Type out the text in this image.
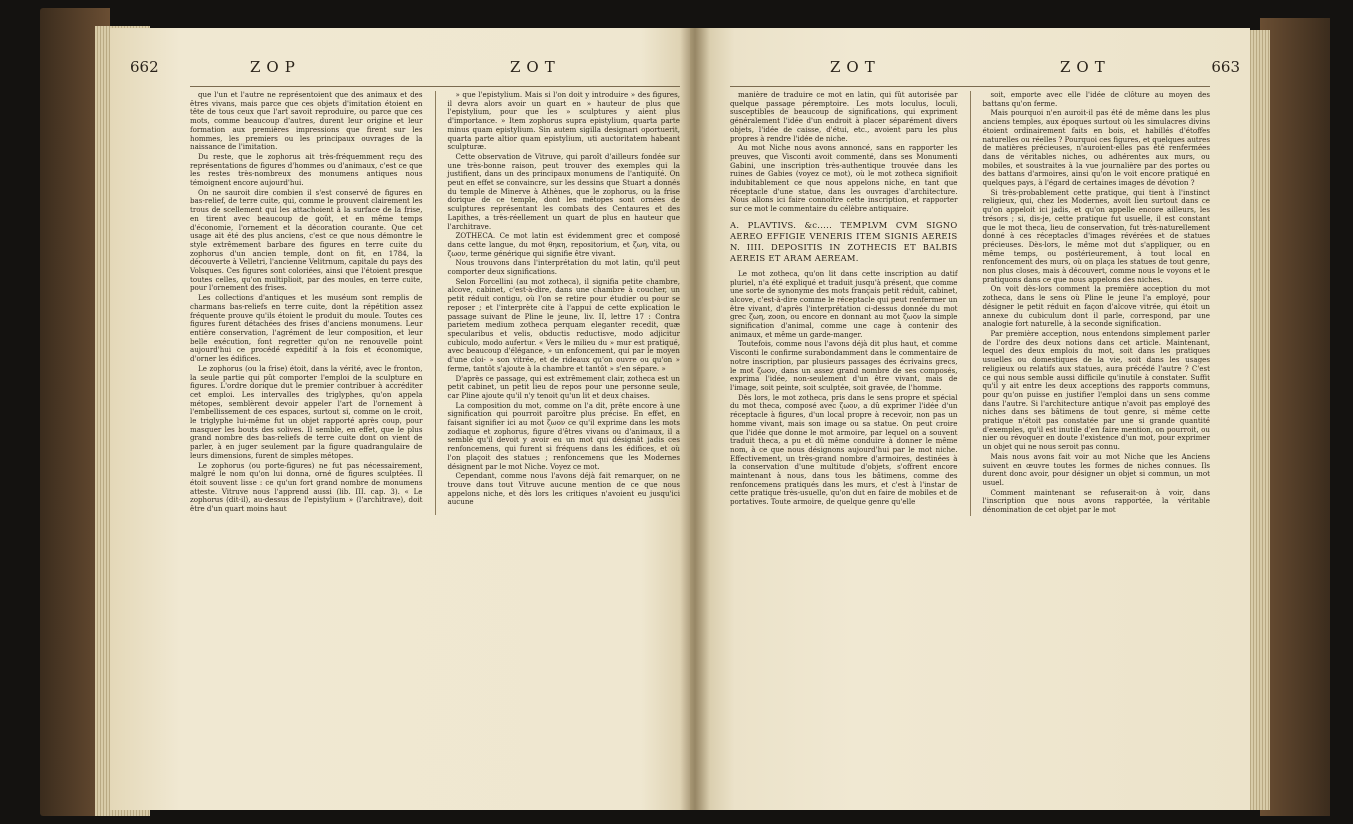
662	ZOP	ZOT

que l'un et l'autre ne représentoient que des animaux et des êtres vivans, mais parce que ces objets d'imitation étoient en tête de tous ceux que l'art savoit reproduire, ou parce que ces mots, comme beaucoup d'autres, durent leur origine et leur formation aux premières impressions que firent sur les hommes, les premiers ou les principaux ouvrages de la naissance de l'imitation.

Du reste, que le zophorus ait très-fréquemment reçu des représentations de figures d'hommes ou d'animaux, c'est ce que les restes très-nombreux des monumens antiques nous témoignent encore aujourd'hui.

On ne sauroit dire combien il s'est conservé de figures en bas-relief, de terre cuite, qui, comme le prouvent clairement les trous de scellement qui les attachoient à la surface de la frise, en tirent avec beaucoup de goût, et en même temps d'économie, l'ornement et la décoration courante. Que cet usage ait été des plus anciens, c'est ce que nous démontre le style extrêmement barbare des figures en terre cuite du zophorus d'un ancien temple, dont on fit, en 1784, la découverte à Velletri, l'ancienne Velitrnum, capitale du pays des Volsques. Ces figures sont coloriées, ainsi que l'étoient presque toutes celles, qu'on multiplioit, par des moules, en terre cuite, pour l'ornement des frises.

Les collections d'antiques et les muséum sont remplis de charmans bas-reliefs en terre cuite, dont la répétition assez fréquente prouve qu'ils étoient le produit du moule. Toutes ces figures furent détachées des frises d'anciens monumens. Leur entière conservation, l'agrément de leur composition, et leur belle exécution, font regretter qu'on ne renouvelle point aujourd'hui ce procédé expéditif à la fois et économique, d'orner les édifices.

Le zophorus (ou la frise) étoit, dans la vérité, avec le fronton, la seule partie qui pût comporter l'emploi de la sculpture en figures. L'ordre dorique dut le premier contribuer à accréditer cet emploi. Les intervalles des triglyphes, qu'on appela métopes, semblèrent devoir appeler l'art de l'ornement à l'embellissement de ces espaces, surtout si, comme on le croit, le triglyphe lui-même fut un objet rapporté après coup, pour masquer les bouts des solives. Il semble, en effet, que le plus grand nombre des bas-reliefs de terre cuite dont on vient de parler, à en juger seulement par la figure quadrangulaire de leurs dimensions, furent de simples métopes.

Le zophorus (ou porte-figures) ne fut pas nécessairement, malgré le nom qu'on lui donna, orné de figures sculptées. Il étoit souvent lisse : ce qu'un fort grand nombre de monumens atteste. Vitruve nous l'apprend aussi (lib. III. cap. 3). « Le zophorus (dit-il), au-dessus de l'epistylium » (l'architrave), doit être d'un quart moins haut

» que l'epistylium. Mais si l'on doit y introduire » des figures, il devra alors avoir un quart en » hauteur de plus que l'epistylium, pour que les » sculptures y aient plus d'importance. » Item zophorus supra epistylium, quarta parte minus quam epistylium. Sin autem sigilla designari oportuerit, quarta parte altior quam epistylium, uti auctoritatem habeant sculpturæ.

Cette observation de Vitruve, qui paroît d'ailleurs fondée sur une très-bonne raison, peut trouver des exemples qui la justifient, dans un des principaux monumens de l'antiquité. On peut en effet se convaincre, sur les dessins que Stuart a donnés du temple de Minerve à Athènes, que le zophorus, ou la frise dorique de ce temple, dont les métopes sont ornées de sculptures représentant les combats des Centaures et des Lapithes, a très-réellement un quart de plus en hauteur que l'architrave.

ZOTHECA. Ce mot latin est évidemment grec et composé dans cette langue, du mot θηκη, repositorium, et ζωη, vita, ou ζωον, terme générique qui signifie être vivant.

Nous trouvons dans l'interprétation du mot latin, qu'il peut comporter deux significations.

Selon Forcellini (au mot zotheca), il signifia petite chambre, alcove, cabinet, c'est-à-dire, dans une chambre à coucher, un petit réduit contigu, où l'on se retire pour étudier ou pour se reposer ; et l'interprète cite à l'appui de cette explication le passage suivant de Pline le jeune, liv. II, lettre 17 : Contra parietem medium zotheca perquam eleganter recedit, quæ specularibus et velis, obductis reductisve, modo adjicitur cubiculo, modo aufertur. « Vers le milieu du » mur est pratiqué, avec beaucoup d'élégance, » un enfoncement, qui par le moyen d'une cloi- » son vitrée, et de rideaux qu'on ouvre ou qu'on » ferme, tantôt s'ajoute à la chambre et tantôt » s'en sépare. »

D'après ce passage, qui est extrêmement clair, zotheca est un petit cabinet, un petit lieu de repos pour une personne seule, car Pline ajoute qu'il n'y tenoit qu'un lit et deux chaises.

La composition du mot, comme on l'a dit, prête encore à une signification qui pourroit paroître plus précise. En effet, en faisant signifier ici au mot ζωον ce qu'il exprime dans les mots zodiaque et zophorus, figure d'êtres vivans ou d'animaux, il a semblé qu'il devoit y avoir eu un mot qui désignât jadis ces renfoncemens, qui furent si fréquens dans les édifices, et où l'on plaçoit des statues ; renfoncemens que les Modernes désignent par le mot Niche. Voyez ce mot.

Cependant, comme nous l'avons déjà fait remarquer, on ne trouve dans tout Vitruve aucune mention de ce que nous appelons niche, et dès lors les critiques n'avoient eu jusqu'ici aucune

ZOT	ZOT	663

manière de traduire ce mot en latin, qui fût autorisée par quelque passage péremptoire. Les mots loculus, loculi, susceptibles de beaucoup de significations, qui expriment généralement l'idée d'un endroit à placer séparément divers objets, l'idée de caisse, d'étui, etc., avoient paru les plus propres à rendre l'idée de niche.

Au mot Niche nous avons annoncé, sans en rapporter les preuves, que Visconti avoit commenté, dans ses Monumenti Gabini, une inscription très-authentique trouvée dans les ruines de Gabies (voyez ce mot), où le mot zotheca signifioit indubitablement ce que nous appelons niche, en tant que réceptacle d'une statue, dans les ouvrages d'architecture. Nous allons ici faire connoître cette inscription, et rapporter sur ce mot le commentaire du célèbre antiquaire.

A. PLAVTIVS. &c..... TEMPLVM CVM SIGNO AEREO EFFIGIE VENERIS ITEM SIGNIS AEREIS N. IIII. DEPOSITIS IN ZOTHECIS ET BALBIS AEREIS ET ARAM AEREAM.

Le mot zotheca, qu'on lit dans cette inscription au datif pluriel, n'a été expliqué et traduit jusqu'à présent, que comme une sorte de synonyme des mots français petit réduit, cabinet, alcove, c'est-à-dire comme le réceptacle qui peut renfermer un être vivant, d'après l'interprétation ci-dessus donnée du mot grec ζωη, zoon, ou encore en donnant au mot ζωον la simple signification d'animal, comme une cage à contenir des animaux, et même un garde-manger.

Toutefois, comme nous l'avons déjà dit plus haut, et comme Visconti le confirme surabondamment dans le commentaire de notre inscription, par plusieurs passages des écrivains grecs, le mot ζωον, dans un assez grand nombre de ses composés, exprima l'idée, non-seulement d'un être vivant, mais de l'image, soit peinte, soit sculptée, soit gravée, de l'homme.

Dès lors, le mot zotheca, pris dans le sens propre et spécial du mot theca, composé avec ζωον, a dû exprimer l'idée d'un réceptacle à figures, d'un local propre à recevoir, non pas un homme vivant, mais son image ou sa statue. On peut croire que l'idée que donne le mot armoire, par lequel on a souvent traduit theca, a pu et dû même conduire à donner le même nom, à ce que nous désignons aujourd'hui par le mot niche. Effectivement, un très-grand nombre d'armoires, destinées à la conservation d'une multitude d'objets, s'offrent encore maintenant à nous, dans tous les bâtimens, comme des renfoncemens pratiqués dans les murs, et c'est à l'instar de cette pratique très-usuelle, qu'on dut en faire de mobiles et de portatives. Toute armoire, de quelque genre qu'elle

soit, emporte avec elle l'idée de clôture au moyen des battans qu'on ferme.

Mais pourquoi n'en auroit-il pas été de même dans les plus anciens temples, aux époques surtout où les simulacres divins étoient ordinairement faits en bois, et habillés d'étoffes naturelles ou réelles ? Pourquoi ces figures, et quelques autres de matières précieuses, n'auroient-elles pas été renfermées dans de véritables niches, ou adhérentes aux murs, ou mobiles, et soustraites à la vue journalière par des portes ou des battans d'armoires, ainsi qu'on le voit encore pratiqué en quelques pays, à l'égard de certaines images de dévotion ?

Si très-probablement cette pratique, qui tient à l'instinct religieux, qui, chez les Modernes, avoit lieu surtout dans ce qu'on appeloit ici jadis, et qu'on appelle encore ailleurs, les trésors ; si, dis-je, cette pratique fut usuelle, il est constant que le mot theca, lieu de conservation, fut très-naturellement donné à ces réceptacles d'images révérées et de statues précieuses. Dès-lors, le même mot dut s'appliquer, ou en même temps, ou postérieurement, à tout local en renfoncement des murs, où on plaça les statues de tout genre, non plus closes, mais à découvert, comme nous le voyons et le pratiquons dans ce que nous appelons des niches.

On voit dès-lors comment la première acception du mot zotheca, dans le sens où Pline le jeune l'a employé, pour désigner le petit réduit en façon d'alcove vitrée, qui étoit un annexe du cubiculum dont il parle, correspond, par une analogie fort naturelle, à la seconde signification.

Par première acception, nous entendons simplement parler de l'ordre des deux notions dans cet article. Maintenant, lequel des deux emplois du mot, soit dans les pratiques usuelles ou domestiques de la vie, soit dans les usages religieux ou relatifs aux statues, aura précédé l'autre ? C'est ce qui nous semble aussi difficile qu'inutile à constater. Suffit qu'il y ait entre les deux acceptions des rapports communs, pour qu'on puisse en justifier l'emploi dans un sens comme dans l'autre. Si l'architecture antique n'avoit pas employé des niches dans ses bâtimens de tout genre, si même cette pratique n'étoit pas constatée par une si grande quantité d'exemples, qu'il est inutile d'en faire mention, on pourroit, ou nier ou révoquer en doute l'existence d'un mot, pour exprimer un objet qui ne nous seroit pas connu.

Mais nous avons fait voir au mot Niche que les Anciens suivent en œuvre toutes les formes de niches connues. Ils durent donc avoir, pour désigner un objet si commun, un mot usuel.

Comment maintenant se refuserait-on à voir, dans l'inscription que nous avons rapportée, la véritable dénomination de cet objet par le mot
